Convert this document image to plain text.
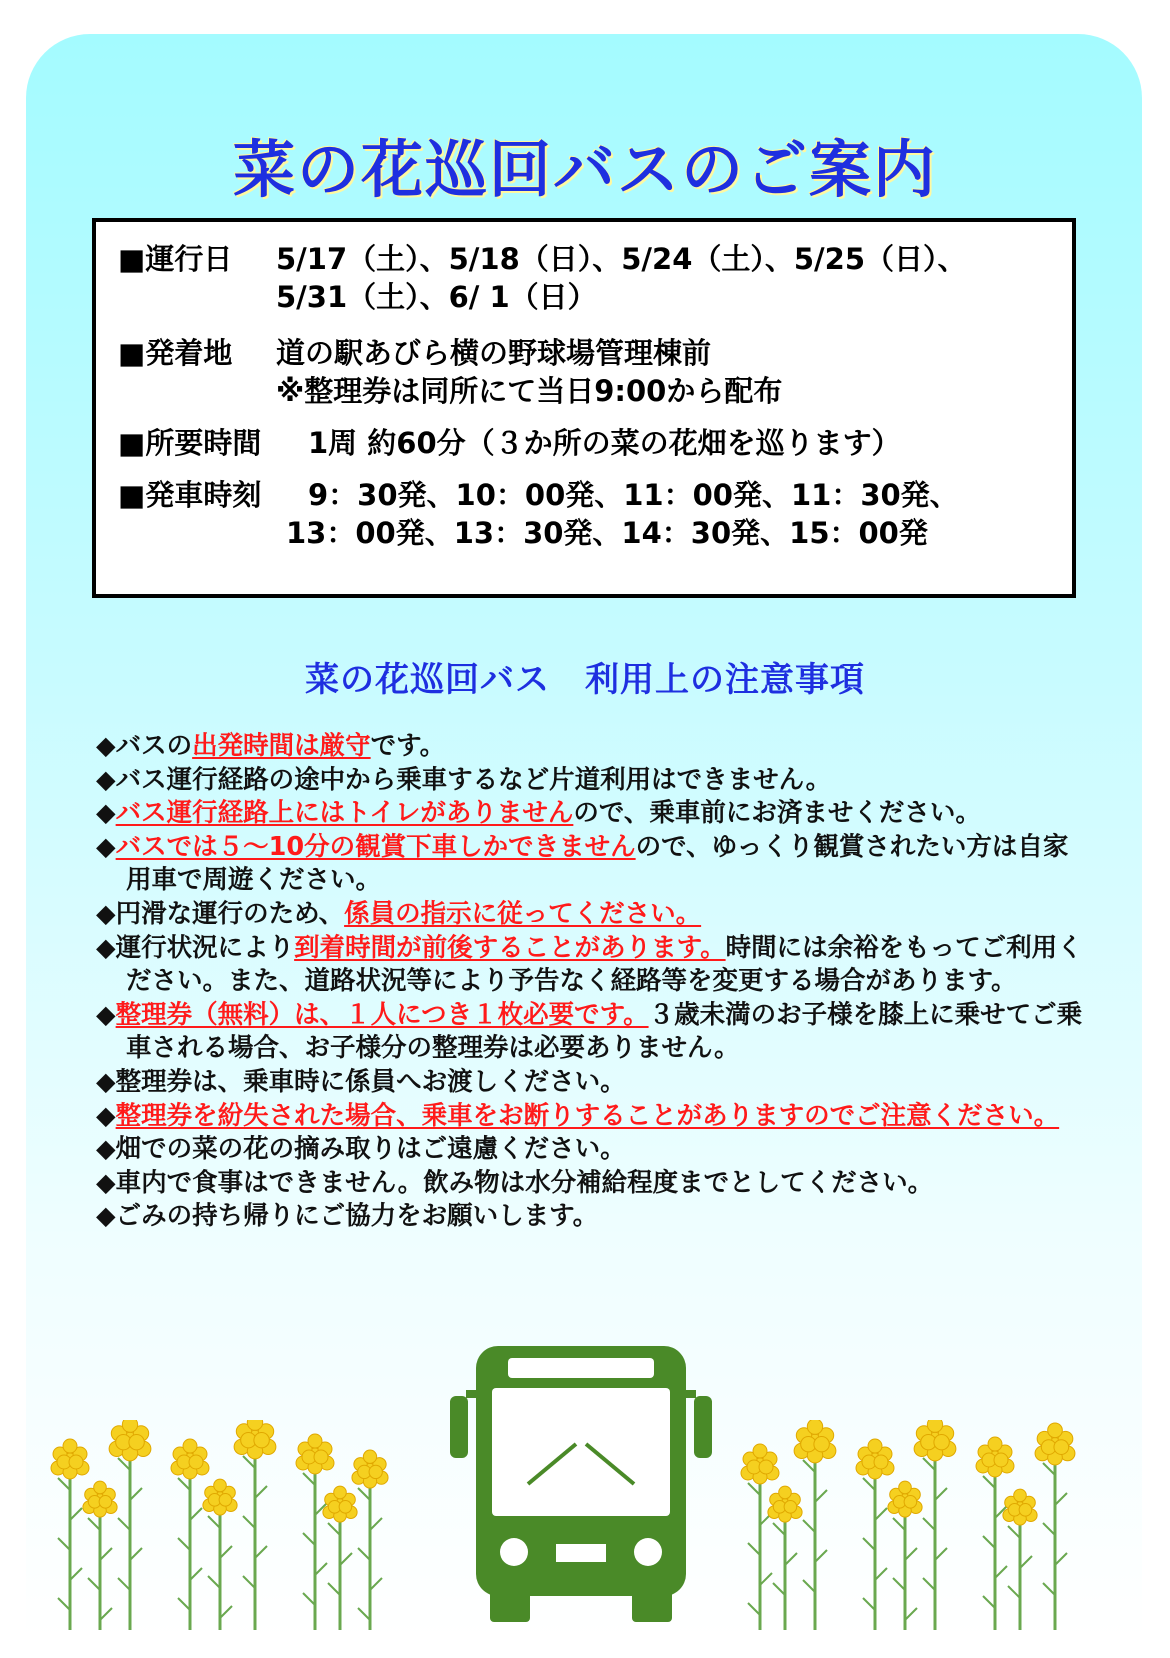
菜の花巡回バスのご案内
■運行日 5/17（土）、5/18（日）、5/24（土）、5/25（日）、
5/31（土）、6/ 1（日）
■発着地 道の駅あびら横の野球場管理棟前
※整理券は同所にて当日9:00から配布
■所要時間 1周 約60分（３か所の菜の花畑を巡ります）
■発車時刻 9：30発、10：00発、11：00発、11：30発、
13：00発、13：30発、14：30発、15：00発
菜の花巡回バス　利用上の注意事項
◆バスの出発時間は厳守です。
◆バス運行経路の途中から乗車するなど片道利用はできません。
◆バス運行経路上にはトイレがありませんので、乗車前にお済ませください。
◆バスでは５～10分の観賞下車しかできませんので、ゆっくり観賞されたい方は自家用車で周遊ください。
◆円滑な運行のため、係員の指示に従ってください。
◆運行状況により到着時間が前後することがあります。時間には余裕をもってご利用ください。また、道路状況等により予告なく経路等を変更する場合があります。
◆整理券（無料）は、１人につき１枚必要です。３歳未満のお子様を膝上に乗せてご乗車される場合、お子様分の整理券は必要ありません。
◆整理券は、乗車時に係員へお渡しください。
◆整理券を紛失された場合、乗車をお断りすることがありますのでご注意ください。
◆畑での菜の花の摘み取りはご遠慮ください。
◆車内で食事はできません。飲み物は水分補給程度までとしてください。
◆ごみの持ち帰りにご協力をお願いします。
